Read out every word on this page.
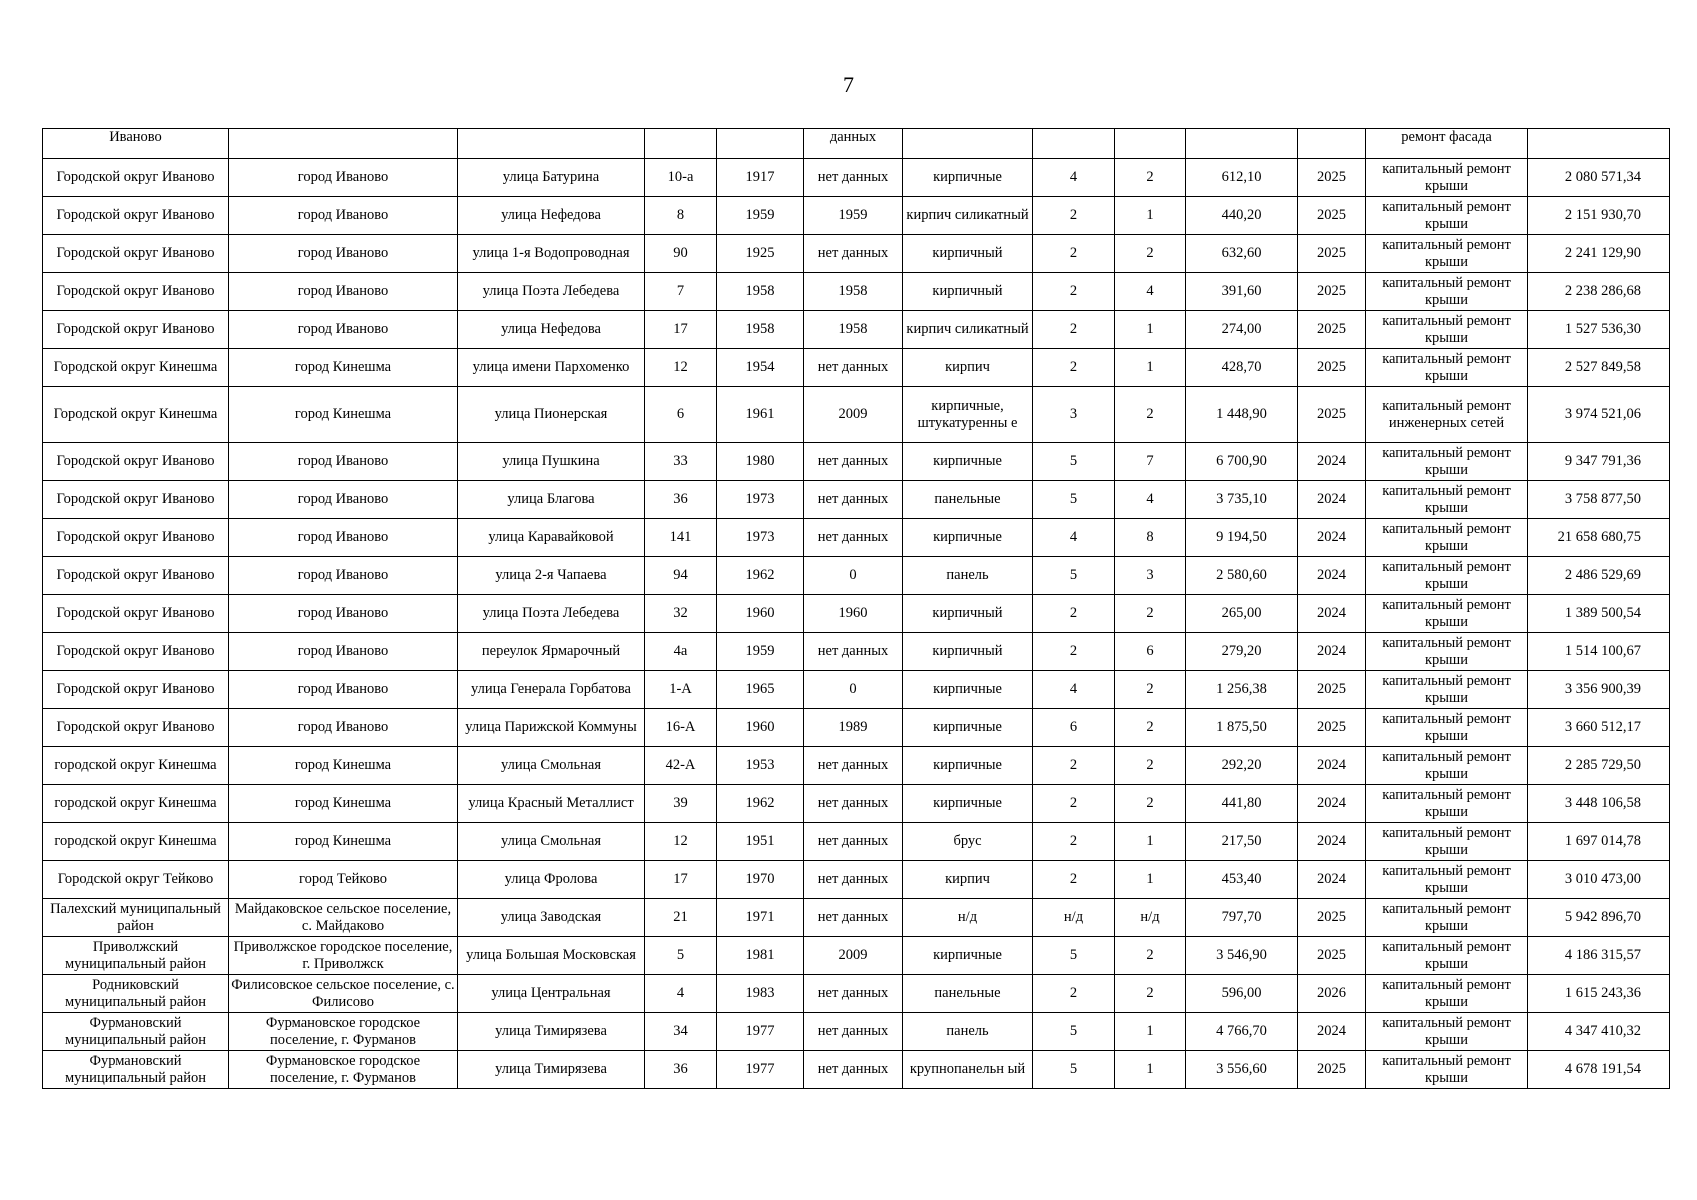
7
Иваново					данных						ремонт фасада	
Городской округ Иваново	город Иваново	улица Батурина	10-а	1917	нет данных	кирпичные	4	2	612,10	2025	капитальный ремонт крыши	2 080 571,34
Городской округ Иваново	город Иваново	улица Нефедова	8	1959	1959	кирпич силикатный	2	1	440,20	2025	капитальный ремонт крыши	2 151 930,70
Городской округ Иваново	город Иваново	улица 1-я Водопроводная	90	1925	нет данных	кирпичный	2	2	632,60	2025	капитальный ремонт крыши	2 241 129,90
Городской округ Иваново	город Иваново	улица Поэта Лебедева	7	1958	1958	кирпичный	2	4	391,60	2025	капитальный ремонт крыши	2 238 286,68
Городской округ Иваново	город Иваново	улица Нефедова	17	1958	1958	кирпич силикатный	2	1	274,00	2025	капитальный ремонт крыши	1 527 536,30
Городской округ Кинешма	город Кинешма	улица имени Пархоменко	12	1954	нет данных	кирпич	2	1	428,70	2025	капитальный ремонт крыши	2 527 849,58
Городской округ Кинешма	город Кинешма	улица Пионерская	6	1961	2009	кирпичные, штукатуренны е	3	2	1 448,90	2025	капитальный ремонт инженерных сетей	3 974 521,06
Городской округ Иваново	город Иваново	улица Пушкина	33	1980	нет данных	кирпичные	5	7	6 700,90	2024	капитальный ремонт крыши	9 347 791,36
Городской округ Иваново	город Иваново	улица Благова	36	1973	нет данных	панельные	5	4	3 735,10	2024	капитальный ремонт крыши	3 758 877,50
Городской округ Иваново	город Иваново	улица Каравайковой	141	1973	нет данных	кирпичные	4	8	9 194,50	2024	капитальный ремонт крыши	21 658 680,75
Городской округ Иваново	город Иваново	улица 2-я Чапаева	94	1962	0	панель	5	3	2 580,60	2024	капитальный ремонт крыши	2 486 529,69
Городской округ Иваново	город Иваново	улица Поэта Лебедева	32	1960	1960	кирпичный	2	2	265,00	2024	капитальный ремонт крыши	1 389 500,54
Городской округ Иваново	город Иваново	переулок Ярмарочный	4а	1959	нет данных	кирпичный	2	6	279,20	2024	капитальный ремонт крыши	1 514 100,67
Городской округ Иваново	город Иваново	улица Генерала Горбатова	1-А	1965	0	кирпичные	4	2	1 256,38	2025	капитальный ремонт крыши	3 356 900,39
Городской округ Иваново	город Иваново	улица Парижской Коммуны	16-А	1960	1989	кирпичные	6	2	1 875,50	2025	капитальный ремонт крыши	3 660 512,17
городской округ Кинешма	город Кинешма	улица Смольная	42-А	1953	нет данных	кирпичные	2	2	292,20	2024	капитальный ремонт крыши	2 285 729,50
городской округ Кинешма	город Кинешма	улица Красный Металлист	39	1962	нет данных	кирпичные	2	2	441,80	2024	капитальный ремонт крыши	3 448 106,58
городской округ Кинешма	город Кинешма	улица Смольная	12	1951	нет данных	брус	2	1	217,50	2024	капитальный ремонт крыши	1 697 014,78
Городской округ Тейково	город Тейково	улица Фролова	17	1970	нет данных	кирпич	2	1	453,40	2024	капитальный ремонт крыши	3 010 473,00
Палехский муниципальный район	Майдаковское сельское поселение, с. Майдаково	улица Заводская	21	1971	нет данных	н/д	н/д	н/д	797,70	2025	капитальный ремонт крыши	5 942 896,70
Приволжский муниципальный район	Приволжское городское поселение, г. Приволжск	улица Большая Московская	5	1981	2009	кирпичные	5	2	3 546,90	2025	капитальный ремонт крыши	4 186 315,57
Родниковский муниципальный район	Филисовское сельское поселение, с. Филисово	улица Центральная	4	1983	нет данных	панельные	2	2	596,00	2026	капитальный ремонт крыши	1 615 243,36
Фурмановский муниципальный район	Фурмановское городское поселение, г. Фурманов	улица Тимирязева	34	1977	нет данных	панель	5	1	4 766,70	2024	капитальный ремонт крыши	4 347 410,32
Фурмановский муниципальный район	Фурмановское городское поселение, г. Фурманов	улица Тимирязева	36	1977	нет данных	крупнопанельн ый	5	1	3 556,60	2025	капитальный ремонт крыши	4 678 191,54
